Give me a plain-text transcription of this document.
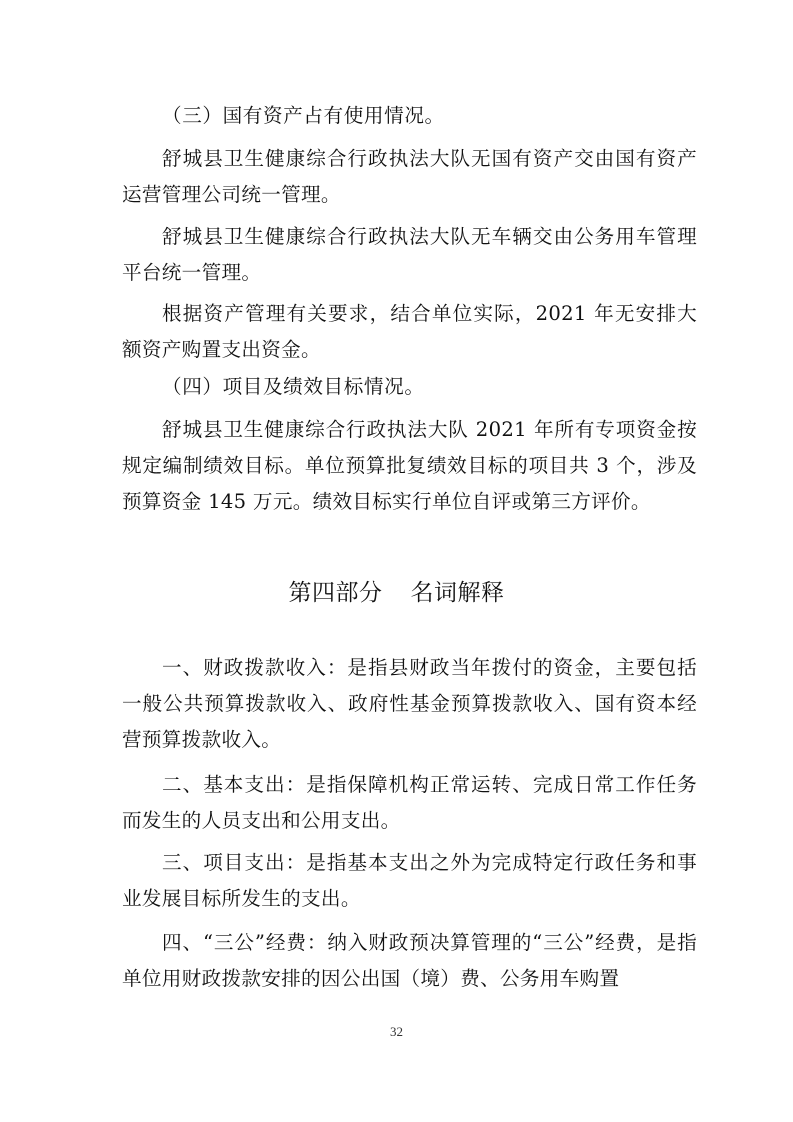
（三）国有资产占有使用情况。
舒城县卫生健康综合行政执法大队无国有资产交由国有资产运营管理公司统一管理。
舒城县卫生健康综合行政执法大队无车辆交由公务用车管理平台统一管理。
根据资产管理有关要求，结合单位实际，2021 年无安排大额资产购置支出资金。
（四）项目及绩效目标情况。
舒城县卫生健康综合行政执法大队 2021 年所有专项资金按规定编制绩效目标。单位预算批复绩效目标的项目共 3 个，涉及预算资金 145 万元。绩效目标实行单位自评或第三方评价。
第四部分 名词解释
一、财政拨款收入：是指县财政当年拨付的资金，主要包括一般公共预算拨款收入、政府性基金预算拨款收入、国有资本经营预算拨款收入。
二、基本支出：是指保障机构正常运转、完成日常工作任务而发生的人员支出和公用支出。
三、项目支出：是指基本支出之外为完成特定行政任务和事业发展目标所发生的支出。
四、“三公”经费：纳入财政预决算管理的“三公”经费，是指单位用财政拨款安排的因公出国（境）费、公务用车购置
32
